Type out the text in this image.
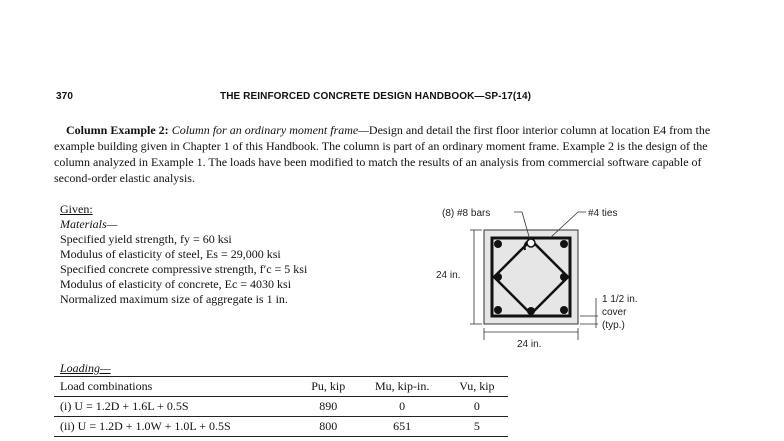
370	THE REINFORCED CONCRETE DESIGN HANDBOOK—SP-17(14)
Column Example 2: Column for an ordinary moment frame—Design and detail the first floor interior column at location E4 from the example building given in Chapter 1 of this Handbook. The column is part of an ordinary moment frame. Example 2 is the design of the column analyzed in Example 1. The loads have been modified to match the results of an analysis from commercial software capable of second-order elastic analysis.
Given:
Materials—
Specified yield strength, fy = 60 ksi
Modulus of elasticity of steel, Es = 29,000 ksi
Specified concrete compressive strength, f′c = 5 ksi
Modulus of elasticity of concrete, Ec = 4030 ksi
Normalized maximum size of aggregate is 1 in.
(8) #8 bars	#4 ties
24 in.
24 in.
1 1/2 in.
cover
(typ.)
Loading—
Load combinations	Pu, kip	Mu, kip-in.	Vu, kip
(i) U = 1.2D + 1.6L + 0.5S	890	0	0
(ii) U = 1.2D + 1.0W + 1.0L + 0.5S	800	651	5
